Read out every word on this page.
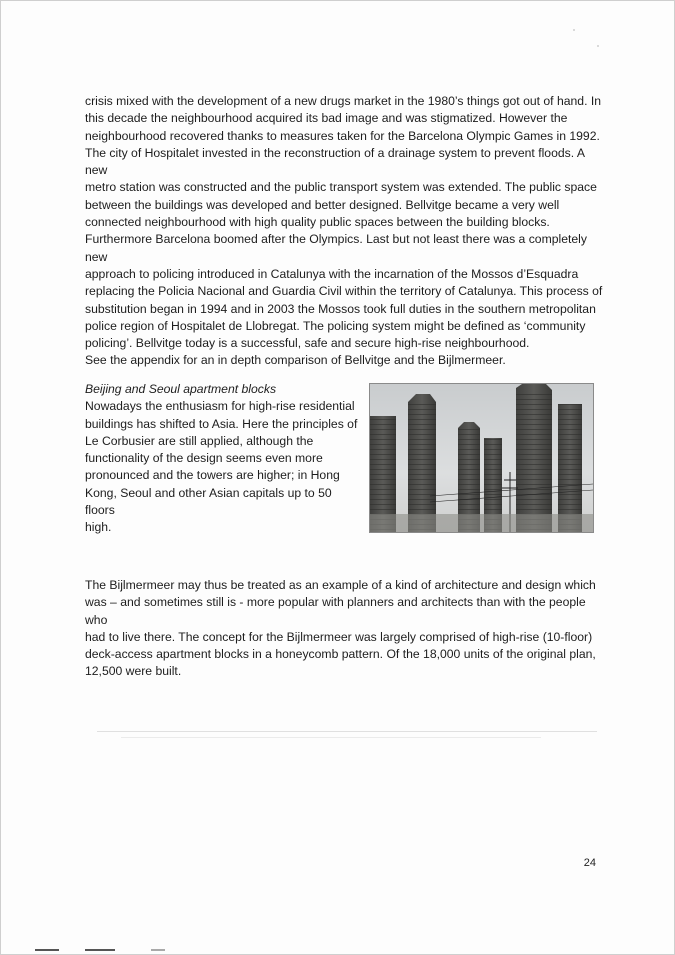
crisis mixed with the development of a new drugs market in the 1980’s things got out of hand. In

this decade the neighbourhood acquired its bad image and was stigmatized. However the

neighbourhood recovered thanks to measures taken for the Barcelona Olympic Games in 1992.

The city of Hospitalet invested in the reconstruction of a drainage system to prevent floods. A new

metro station was constructed and the public transport system was extended. The public space

between the buildings was developed and better designed. Bellvitge became a very well

connected neighbourhood with high quality public spaces between the building blocks.

Furthermore Barcelona boomed after the Olympics. Last but not least there was a completely new

approach to policing introduced in Catalunya with the incarnation of the Mossos d’Esquadra

replacing the Policia Nacional and Guardia Civil within the territory of Catalunya. This process of

substitution began in 1994 and in 2003 the Mossos took full duties in the southern metropolitan

police region of Hospitalet de Llobregat. The policing system might be defined as ‘community

policing’. Bellvitge today is a successful, safe and secure high-rise neighbourhood.

See the appendix for an in depth comparison of Bellvitge and the Bijlmermeer.

Beijing and Seoul apartment blocks

Nowadays the enthusiasm for high-rise residential

buildings has shifted to Asia. Here the principles of

Le Corbusier are still applied, although the

functionality of the design seems even more

pronounced and the towers are higher; in Hong

Kong, Seoul and other Asian capitals up to 50 floors

high.

The Bijlmermeer may thus be treated as an example of a kind of architecture and design which

was – and sometimes still is - more popular with planners and architects than with the people who

had to live there. The concept for the Bijlmermeer was largely comprised of high-rise (10-floor)

deck-access apartment blocks in a honeycomb pattern. Of the 18,000 units of the original plan,

12,500 were built.

24
